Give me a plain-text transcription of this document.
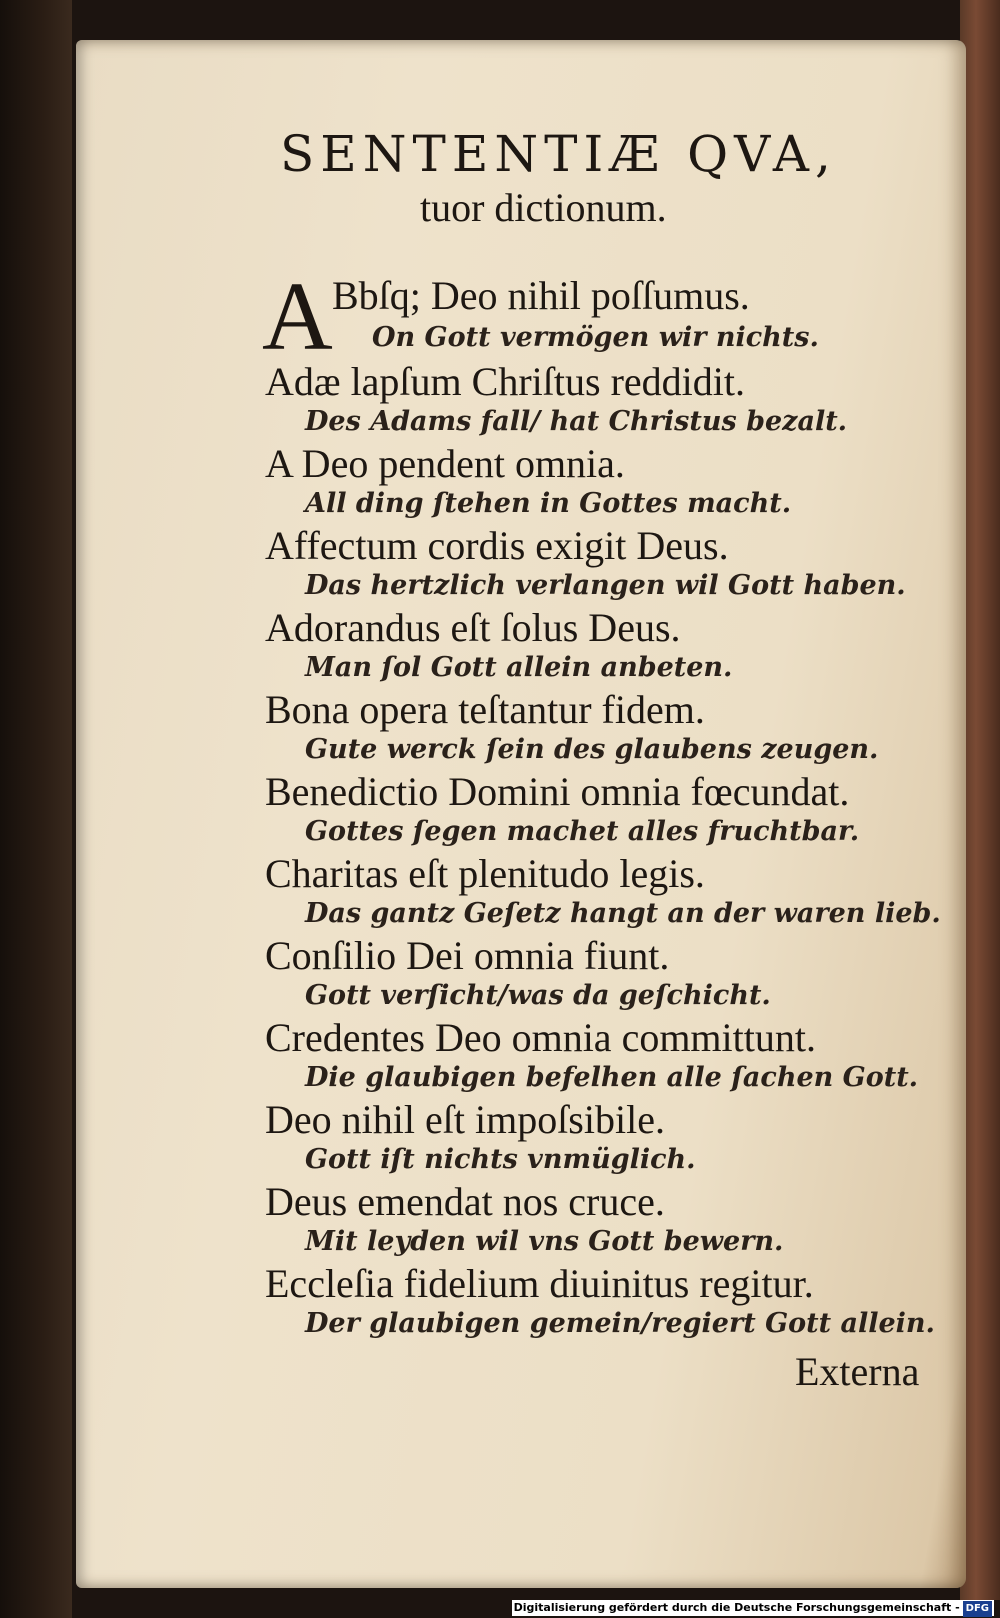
SENTENTIÆ QVA,
tuor dictionum.
A Bbſq; Deo nihil poſſumus.
On Gott vermögen wir nichts.
Adæ lapſum Chriſtus reddidit.
Des Adams fall/ hat Christus bezalt.
A Deo pendent omnia.
All ding ſtehen in Gottes macht.
Affectum cordis exigit Deus.
Das hertzlich verlangen wil Gott haben.
Adorandus eſt ſolus Deus.
Man ſol Gott allein anbeten.
Bona opera teſtantur fidem.
Gute werck ſein des glaubens zeugen.
Benedictio Domini omnia fœcundat.
Gottes ſegen machet alles fruchtbar.
Charitas eſt plenitudo legis.
Das gantz Geſetz hangt an der waren lieb.
Conſilio Dei omnia fiunt.
Gott verſicht/was da geſchicht.
Credentes Deo omnia committunt.
Die glaubigen befelhen alle ſachen Gott.
Deo nihil eſt impoſsibile.
Gott iſt nichts vnmüglich.
Deus emendat nos cruce.
Mit leyden wil vns Gott bewern.
Eccleſia fidelium diuinitus regitur.
Der glaubigen gemein/regiert Gott allein.
Externa
Digitalisierung gefördert durch die Deutsche Forschungsgemeinschaft - DFG
